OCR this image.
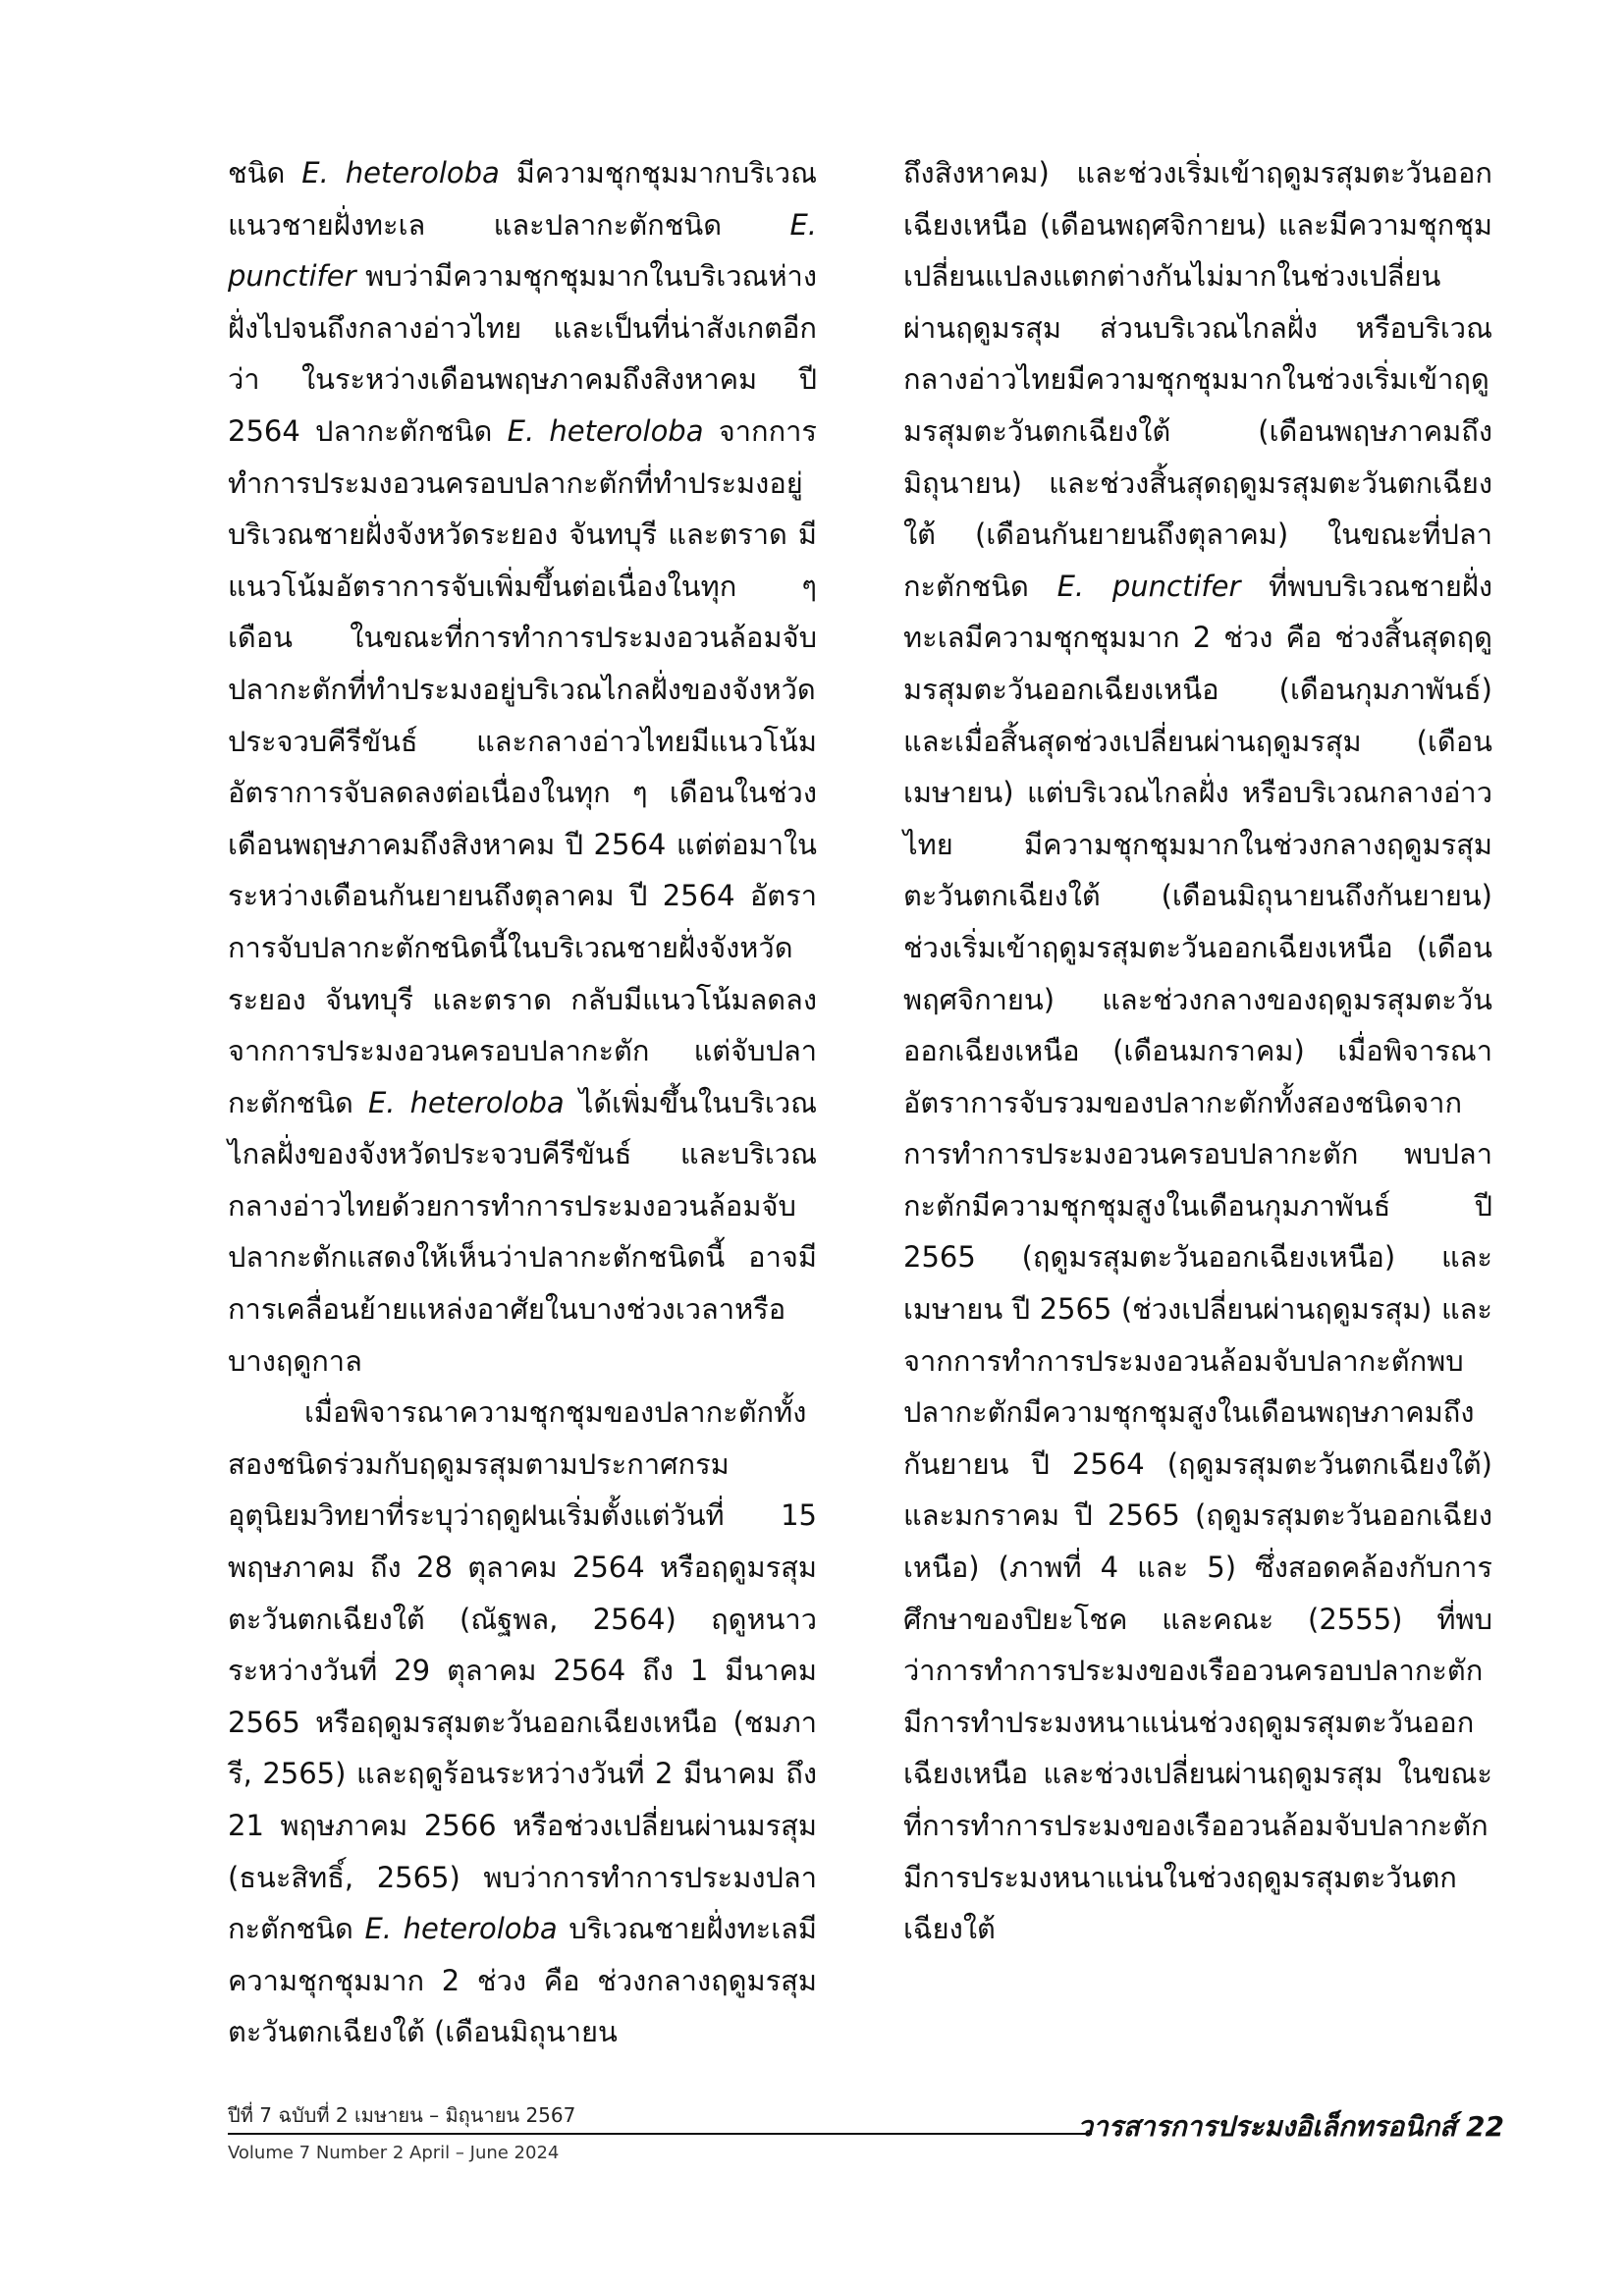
ชนิด E. heteroloba มีความชุกชุมมากบริเวณแนวชายฝั่งทะเล และปลากะตักชนิด E. punctifer พบว่ามีความชุกชุมมากในบริเวณห่างฝั่งไปจนถึงกลางอ่าวไทย และเป็นที่น่าสังเกตอีกว่า ในระหว่างเดือนพฤษภาคมถึงสิงหาคม ปี 2564 ปลากะตักชนิด E. heteroloba จากการทำการประมงอวนครอบปลากะตักที่ทำประมงอยู่บริเวณชายฝั่งจังหวัดระยอง จันทบุรี และตราด มีแนวโน้มอัตราการจับเพิ่มขึ้นต่อเนื่องในทุก ๆ เดือน ในขณะที่การทำการประมงอวนล้อมจับปลากะตักที่ทำประมงอยู่บริเวณไกลฝั่งของจังหวัดประจวบคีรีขันธ์ และกลางอ่าวไทยมีแนวโน้มอัตราการจับลดลงต่อเนื่องในทุก ๆ เดือนในช่วงเดือนพฤษภาคมถึงสิงหาคม ปี 2564 แต่ต่อมาในระหว่างเดือนกันยายนถึงตุลาคม ปี 2564 อัตราการจับปลากะตักชนิดนี้ในบริเวณชายฝั่งจังหวัดระยอง จันทบุรี และตราด กลับมีแนวโน้มลดลงจากการประมงอวนครอบปลากะตัก แต่จับปลากะตักชนิด E. heteroloba ได้เพิ่มขึ้นในบริเวณไกลฝั่งของจังหวัดประจวบคีรีขันธ์ และบริเวณกลางอ่าวไทยด้วยการทำการประมงอวนล้อมจับปลากะตักแสดงให้เห็นว่าปลากะตักชนิดนี้ อาจมีการเคลื่อนย้ายแหล่งอาศัยในบางช่วงเวลาหรือบางฤดูกาล

เมื่อพิจารณาความชุกชุมของปลากะตักทั้งสองชนิดร่วมกับฤดูมรสุมตามประกาศกรมอุตุนิยมวิทยาที่ระบุว่าฤดูฝนเริ่มตั้งแต่วันที่ 15 พฤษภาคม ถึง 28 ตุลาคม 2564 หรือฤดูมรสุมตะวันตกเฉียงใต้ (ณัฐพล, 2564) ฤดูหนาวระหว่างวันที่ 29 ตุลาคม 2564 ถึง 1 มีนาคม 2565 หรือฤดูมรสุมตะวันออกเฉียงเหนือ (ชมภารี, 2565) และฤดูร้อนระหว่างวันที่ 2 มีนาคม ถึง 21 พฤษภาคม 2566 หรือช่วงเปลี่ยนผ่านมรสุม (ธนะสิทธิ์, 2565) พบว่าการทำการประมงปลากะตักชนิด E. heteroloba บริเวณชายฝั่งทะเลมีความชุกชุมมาก 2 ช่วง คือ ช่วงกลางฤดูมรสุมตะวันตกเฉียงใต้ (เดือนมิถุนายน

ถึงสิงหาคม) และช่วงเริ่มเข้าฤดูมรสุมตะวันออกเฉียงเหนือ (เดือนพฤศจิกายน) และมีความชุกชุมเปลี่ยนแปลงแตกต่างกันไม่มากในช่วงเปลี่ยนผ่านฤดูมรสุม ส่วนบริเวณไกลฝั่ง หรือบริเวณกลางอ่าวไทยมีความชุกชุมมากในช่วงเริ่มเข้าฤดูมรสุมตะวันตกเฉียงใต้ (เดือนพฤษภาคมถึงมิถุนายน) และช่วงสิ้นสุดฤดูมรสุมตะวันตกเฉียงใต้ (เดือนกันยายนถึงตุลาคม) ในขณะที่ปลากะตักชนิด E. punctifer ที่พบบริเวณชายฝั่งทะเลมีความชุกชุมมาก 2 ช่วง คือ ช่วงสิ้นสุดฤดูมรสุมตะวันออกเฉียงเหนือ (เดือนกุมภาพันธ์) และเมื่อสิ้นสุดช่วงเปลี่ยนผ่านฤดูมรสุม (เดือนเมษายน) แต่บริเวณไกลฝั่ง หรือบริเวณกลางอ่าวไทย มีความชุกชุมมากในช่วงกลางฤดูมรสุมตะวันตกเฉียงใต้ (เดือนมิถุนายนถึงกันยายน) ช่วงเริ่มเข้าฤดูมรสุมตะวันออกเฉียงเหนือ (เดือนพฤศจิกายน) และช่วงกลางของฤดูมรสุมตะวันออกเฉียงเหนือ (เดือนมกราคม) เมื่อพิจารณาอัตราการจับรวมของปลากะตักทั้งสองชนิดจากการทำการประมงอวนครอบปลากะตัก พบปลากะตักมีความชุกชุมสูงในเดือนกุมภาพันธ์ ปี 2565 (ฤดูมรสุมตะวันออกเฉียงเหนือ) และเมษายน ปี 2565 (ช่วงเปลี่ยนผ่านฤดูมรสุม) และจากการทำการประมงอวนล้อมจับปลากะตักพบปลากะตักมีความชุกชุมสูงในเดือนพฤษภาคมถึงกันยายน ปี 2564 (ฤดูมรสุมตะวันตกเฉียงใต้) และมกราคม ปี 2565 (ฤดูมรสุมตะวันออกเฉียงเหนือ) (ภาพที่ 4 และ 5) ซึ่งสอดคล้องกับการศึกษาของปิยะโชค และคณะ (2555) ที่พบว่าการทำการประมงของเรืออวนครอบปลากะตักมีการทำประมงหนาแน่นช่วงฤดูมรสุมตะวันออกเฉียงเหนือ และช่วงเปลี่ยนผ่านฤดูมรสุม ในขณะที่การทำการประมงของเรืออวนล้อมจับปลากะตักมีการประมงหนาแน่นในช่วงฤดูมรสุมตะวันตกเฉียงใต้

ปีที่ 7 ฉบับที่ 2 เมษายน – มิถุนายน 2567
Volume 7 Number 2 April – June 2024
วารสารการประมงอิเล็กทรอนิกส์ 22
